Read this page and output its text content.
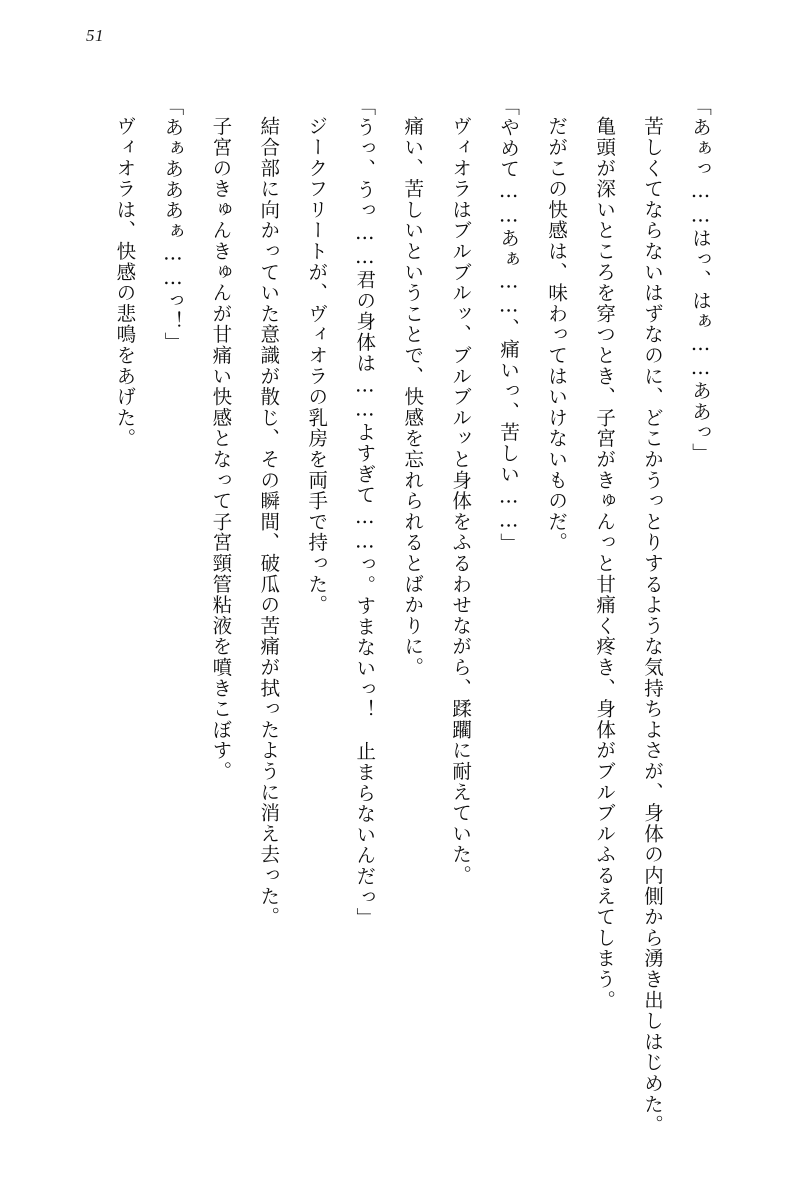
51

「あぁっ……はっ、はぁ……ああっ」

苦しくてならないはずなのに、どこかうっとりするような気持ちよさが、身体の内側から湧き出しはじめた。

亀頭が深いところを穿つとき、子宮がきゅんっと甘痛く疼き、身体がブルブルふるえてしまう。

だがこの快感は、味わってはいけないものだ。

「やめて……あぁ……、痛いっ、苦しい……」

ヴィオラはブルブルッ、ブルブルッと身体をふるわせながら、蹂躙に耐えていた。

痛い、苦しいということで、快感を忘れられるとばかりに。

「うっ、うっ……君の身体は……よすぎて……っ。すまないっ！　止まらないんだっ」

ジークフリートが、ヴィオラの乳房を両手で持った。

結合部に向かっていた意識が散じ、その瞬間、破瓜の苦痛が拭ったように消え去った。

子宮のきゅんきゅんが甘痛い快感となって子宮頸管粘液を噴きこぼす。

「あぁあああぁ……っ！」

ヴィオラは、快感の悲鳴をあげた。
